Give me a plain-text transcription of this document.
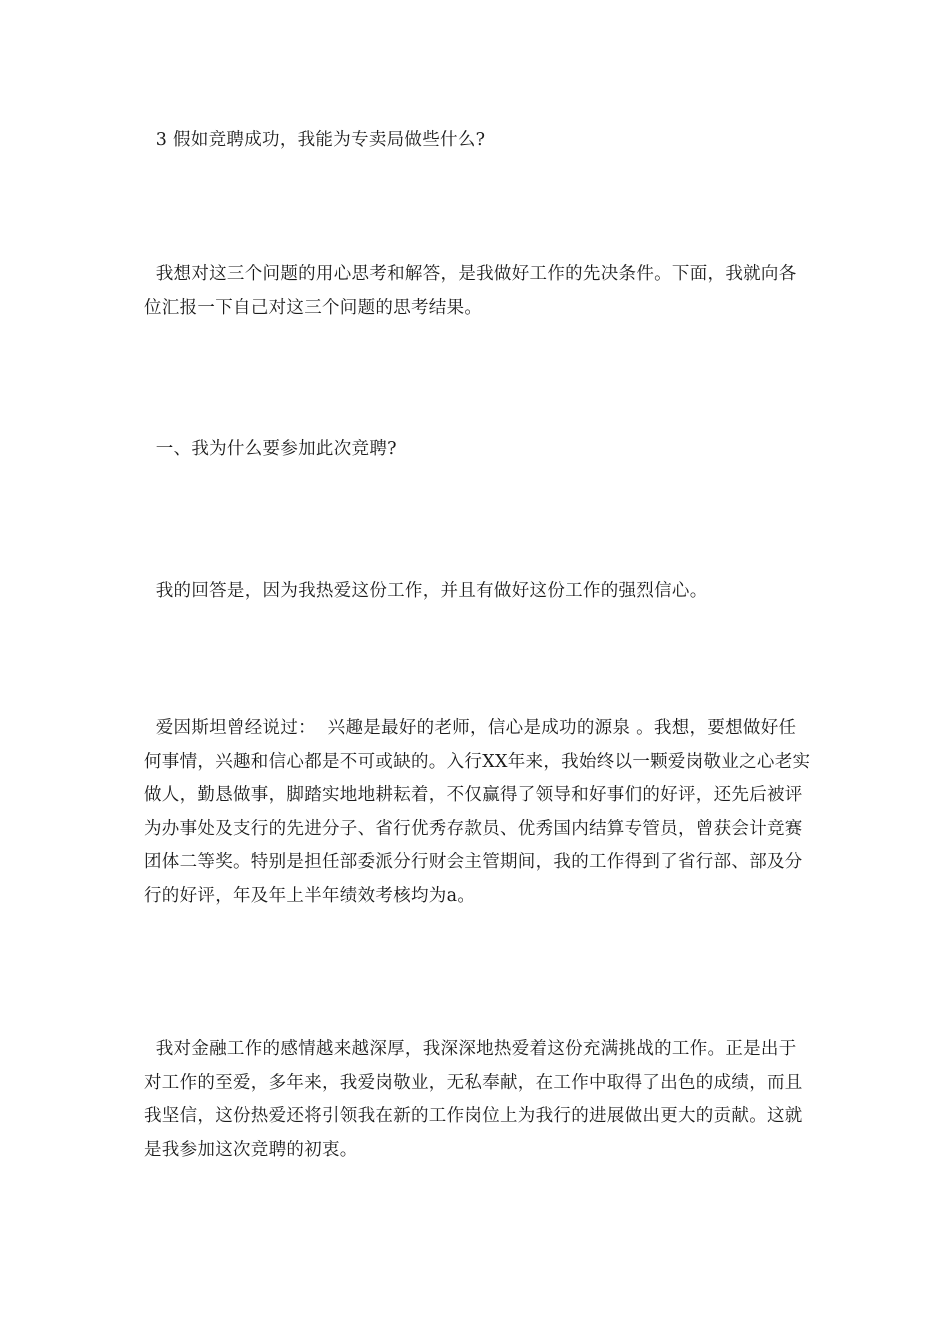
3 假如竞聘成功，我能为专卖局做些什么?

我想对这三个问题的用心思考和解答，是我做好工作的先决条件。下面，我就向各位汇报一下自己对这三个问题的思考结果。

一、我为什么要参加此次竞聘?

我的回答是，因为我热爱这份工作，并且有做好这份工作的强烈信心。

爱因斯坦曾经说过：  兴趣是最好的老师，信心是成功的源泉 。我想，要想做好任何事情，兴趣和信心都是不可或缺的。入行XX年来，我始终以一颗爱岗敬业之心老实做人，勤恳做事，脚踏实地地耕耘着，不仅赢得了领导和好事们的好评，还先后被评为办事处及支行的先进分子、省行优秀存款员、优秀国内结算专管员，曾获会计竞赛团体二等奖。特别是担任部委派分行财会主管期间，我的工作得到了省行部、部及分行的好评，年及年上半年绩效考核均为a。

我对金融工作的感情越来越深厚，我深深地热爱着这份充满挑战的工作。正是出于对工作的至爱，多年来，我爱岗敬业，无私奉献，在工作中取得了出色的成绩，而且我坚信，这份热爱还将引领我在新的工作岗位上为我行的进展做出更大的贡献。这就是我参加这次竞聘的初衷。
